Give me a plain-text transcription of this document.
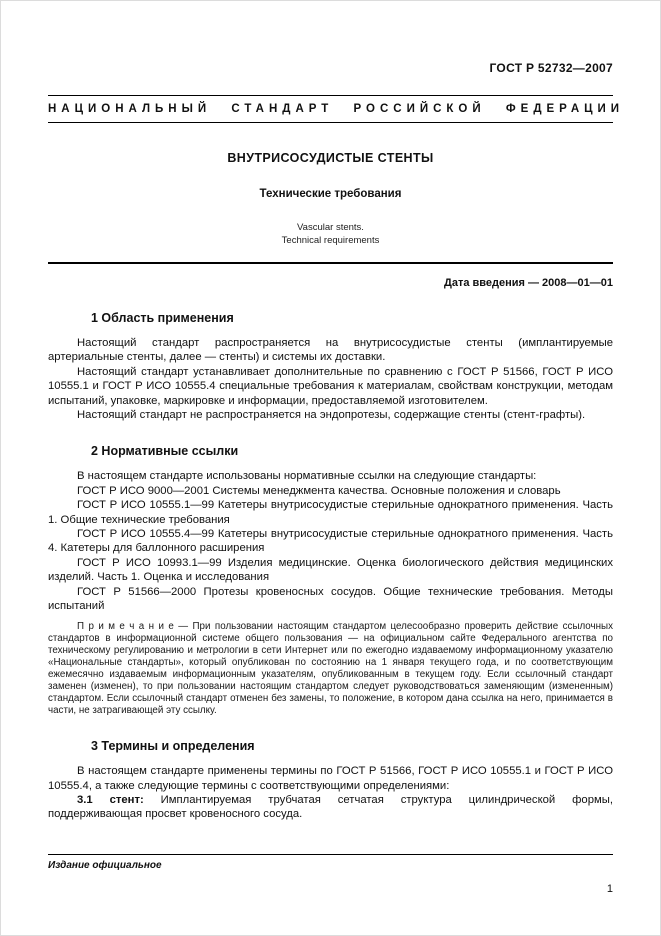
ГОСТ Р 52732—2007
НАЦИОНАЛЬНЫЙ СТАНДАРТ РОССИЙСКОЙ ФЕДЕРАЦИИ
ВНУТРИСОСУДИСТЫЕ СТЕНТЫ
Технические требования
Vascular stents.
Technical requirements
Дата введения — 2008—01—01
1 Область применения

Настоящий стандарт распространяется на внутрисосудистые стенты (имплантируемые артериальные стенты, далее — стенты) и системы их доставки.

Настоящий стандарт устанавливает дополнительные по сравнению с ГОСТ Р 51566, ГОСТ Р ИСО 10555.1 и ГОСТ Р ИСО 10555.4 специальные требования к материалам, свойствам конструкции, методам испытаний, упаковке, маркировке и информации, предоставляемой изготовителем.

Настоящий стандарт не распространяется на эндопротезы, содержащие стенты (стент-графты).

2 Нормативные ссылки

В настоящем стандарте использованы нормативные ссылки на следующие стандарты:

ГОСТ Р ИСО 9000—2001 Системы менеджмента качества. Основные положения и словарь

ГОСТ Р ИСО 10555.1—99 Катетеры внутрисосудистые стерильные однократного применения. Часть 1. Общие технические требования

ГОСТ Р ИСО 10555.4—99 Катетеры внутрисосудистые стерильные однократного применения. Часть 4. Катетеры для баллонного расширения

ГОСТ Р ИСО 10993.1—99 Изделия медицинские. Оценка биологического действия медицинских изделий. Часть 1. Оценка и исследования

ГОСТ Р 51566—2000 Протезы кровеносных сосудов. Общие технические требования. Методы испытаний

П р и м е ч а н и е — При пользовании настоящим стандартом целесообразно проверить действие ссылочных стандартов в информационной системе общего пользования — на официальном сайте Федерального агентства по техническому регулированию и метрологии в сети Интернет или по ежегодно издаваемому информационному указателю «Национальные стандарты», который опубликован по состоянию на 1 января текущего года, и по соответствующим ежемесячно издаваемым информационным указателям, опубликованным в текущем году. Если ссылочный стандарт заменен (изменен), то при пользовании настоящим стандартом следует руководствоваться заменяющим (измененным) стандартом. Если ссылочный стандарт отменен без замены, то положение, в котором дана ссылка на него, принимается в части, не затрагивающей эту ссылку.

3 Термины и определения

В настоящем стандарте применены термины по ГОСТ Р 51566, ГОСТ Р ИСО 10555.1 и ГОСТ Р ИСО 10555.4, а также следующие термины с соответствующими определениями:

3.1 стент: Имплантируемая трубчатая сетчатая структура цилиндрической формы, поддерживающая просвет кровеносного сосуда.

Издание официальное
1
